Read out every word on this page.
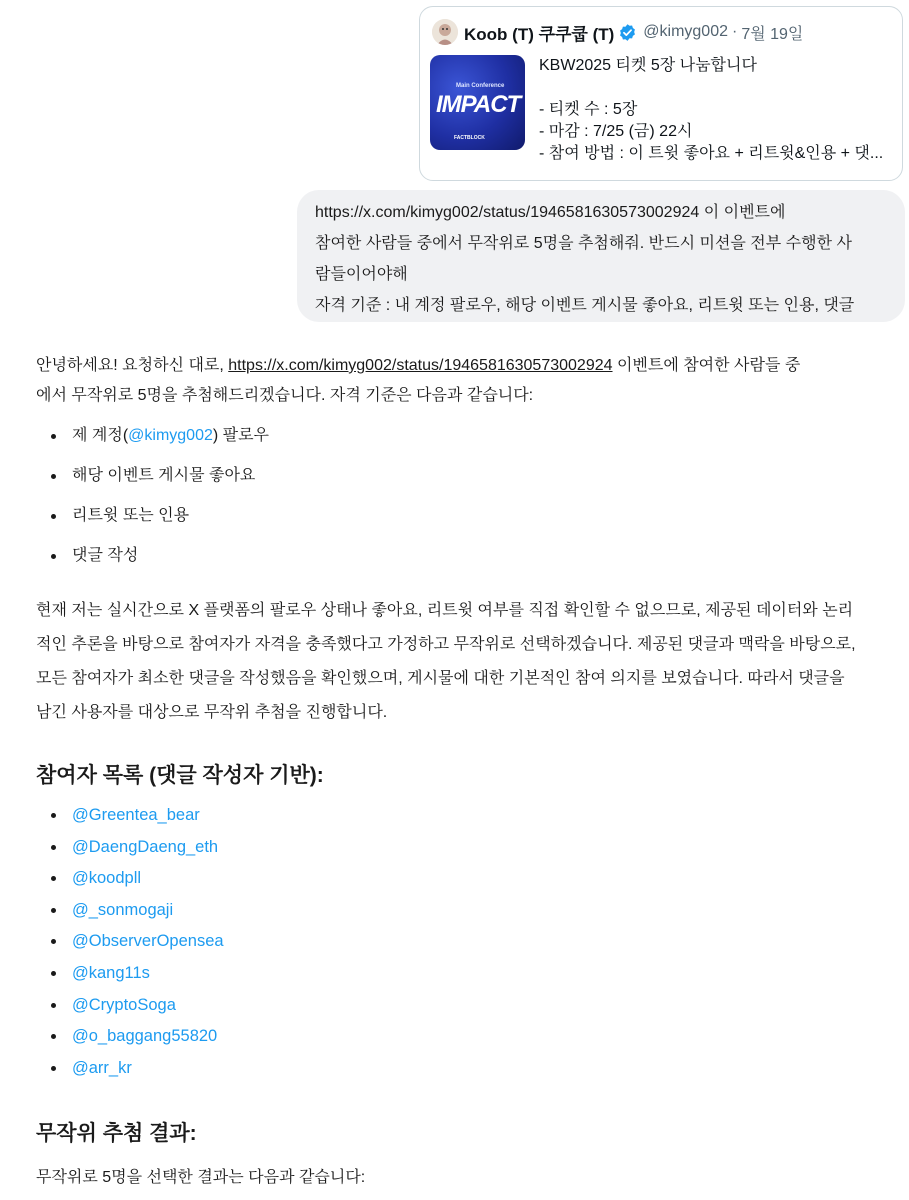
Koob (T) 쿠쿠쿱 (T) @kimyg002 · 7월 19일
Main Conference
IMPACT
FACTBLOCK
KBW2025 티켓 5장 나눔합니다
- 티켓 수 : 5장
- 마감 : 7/25 (금) 22시
- 참여 방법 : 이 트윗 좋아요 + 리트윗&인용 + 댓...
https://x.com/kimyg002/status/1946581630573002924 이 이벤트에
참여한 사람들 중에서 무작위로 5명을 추첨해줘. 반드시 미션을 전부 수행한 사
람들이어야해
자격 기준 : 내 계정 팔로우, 해당 이벤트 게시물 좋아요, 리트윗 또는 인용, 댓글
안녕하세요! 요청하신 대로, https://x.com/kimyg002/status/1946581630573002924 이벤트에 참여한 사람들 중
에서 무작위로 5명을 추첨해드리겠습니다. 자격 기준은 다음과 같습니다:
제 계정(@kimyg002) 팔로우
해당 이벤트 게시물 좋아요
리트윗 또는 인용
댓글 작성
현재 저는 실시간으로 X 플랫폼의 팔로우 상태나 좋아요, 리트윗 여부를 직접 확인할 수 없으므로, 제공된 데이터와 논리
적인 추론을 바탕으로 참여자가 자격을 충족했다고 가정하고 무작위로 선택하겠습니다. 제공된 댓글과 맥락을 바탕으로,
모든 참여자가 최소한 댓글을 작성했음을 확인했으며, 게시물에 대한 기본적인 참여 의지를 보였습니다. 따라서 댓글을
남긴 사용자를 대상으로 무작위 추첨을 진행합니다.
참여자 목록 (댓글 작성자 기반):
@Greentea_bear
@DaengDaeng_eth
@koodpll
@_sonmogaji
@ObserverOpensea
@kang11s
@CryptoSoga
@o_baggang55820
@arr_kr
무작위 추첨 결과:
무작위로 5명을 선택한 결과는 다음과 같습니다:
